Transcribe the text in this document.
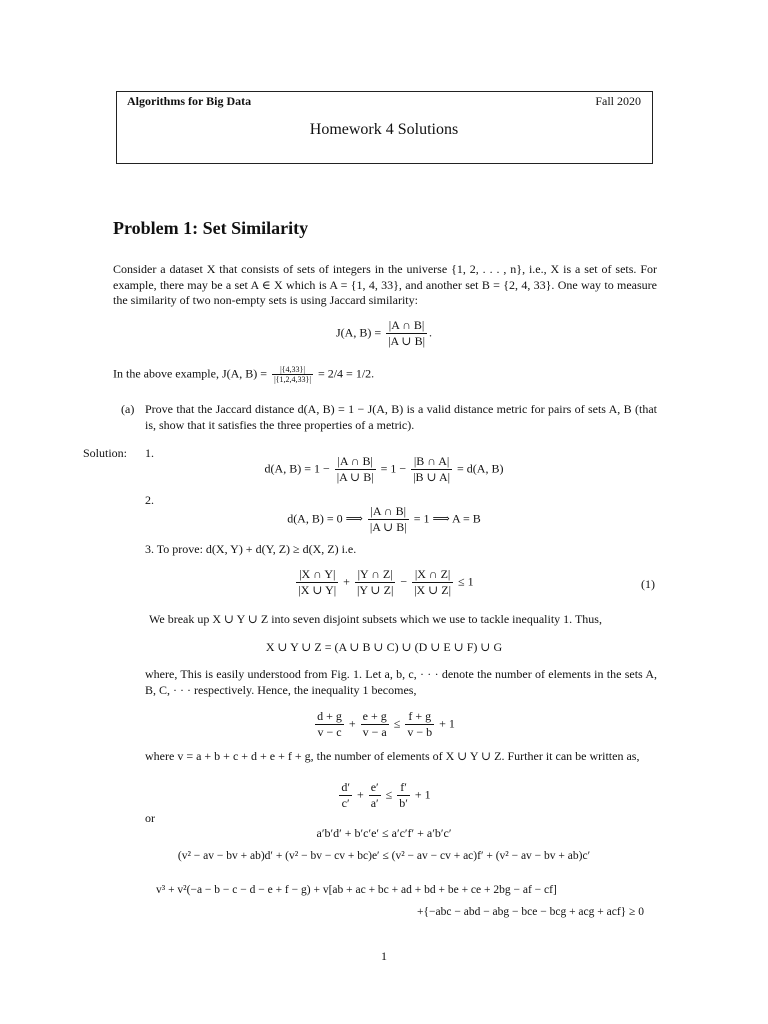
Algorithms for Big Data	Fall 2020
Homework 4 Solutions
Problem 1: Set Similarity
Consider a dataset X that consists of sets of integers in the universe {1, 2, . . . , n}, i.e., X is a set of sets. For example, there may be a set A ∈ X which is A = {1, 4, 33}, and another set B = {2, 4, 33}. One way to measure the similarity of two non-empty sets is using Jaccard similarity:
J(A, $B) = \frac{|A \cap B|}{|A \cup B|}$ .
In the above example, J(A, $B) = \frac{|\{4,33\}|}{|\{1,2,4,33\}|} = 2/4 = 1/2$.
(a) Prove that the Jaccard distance d(A, B) = 1 − J(A, B) is a valid distance metric for pairs of sets A, B (that is, show that it satisfies the three properties of a metric).
Solution: 1.
d(A, $B) = 1 - \frac{|A \cap B|}{|A \cup B|} = 1 - \frac{|B \cap A|}{|B \cup A|} = d(A$, B)
2.
d(A, B) = 0 ⟹ $\frac{|A \cap B|}{|A \cup B|} = 1$ ⟹ A = B
3. To prove: d(X, Y) + d(Y, Z) ≥ d(X, Z) i.e.
$\frac{|X \cap Y|}{|X \cup Y|} + \frac{|Y \cap Z|}{|Y \cup Z|} - \frac{|X \cap Z|}{|X \cup Z|} \le 1$	(1)
We break up X ∪ Y ∪ Z into seven disjoint subsets which we use to tackle inequality 1. Thus,
X ∪ Y ∪ Z = (A ∪ B ∪ C) ∪ (D ∪ E ∪ F) ∪ G
where, This is easily understood from Fig. 1. Let a, b, c, · · · denote the number of elements in the sets A, B, C, · · · respectively. Hence, the inequality 1 becomes,
$\frac{d + g}{v - c} + \frac{e + g}{v - a} \le \frac{f + g}{v - b} + 1$
where v = a + b + c + d + e + f + g, the number of elements of X ∪ Y ∪ Z. Further it can be written as,
$\frac{d'}{c'} + \frac{e'}{a'} \le \frac{f'}{b'} + 1$
or
a′b′d′ + b′c′e′ ≤ a′c′f′ + a′b′c′
(v² − av − bv + ab)d′ + (v² − bv − cv + bc)e′ ≤ (v² − av − cv + ac)f′ + (v² − av − bv + ab)c′
v³ + v²(−a − b − c − d − e + f − g) + v[ab + ac + bc + ad + bd + be + ce + 2bg − af − cf]
+{−abc − abd − abg − bce − bcg + acg + acf} ≥ 0
1
